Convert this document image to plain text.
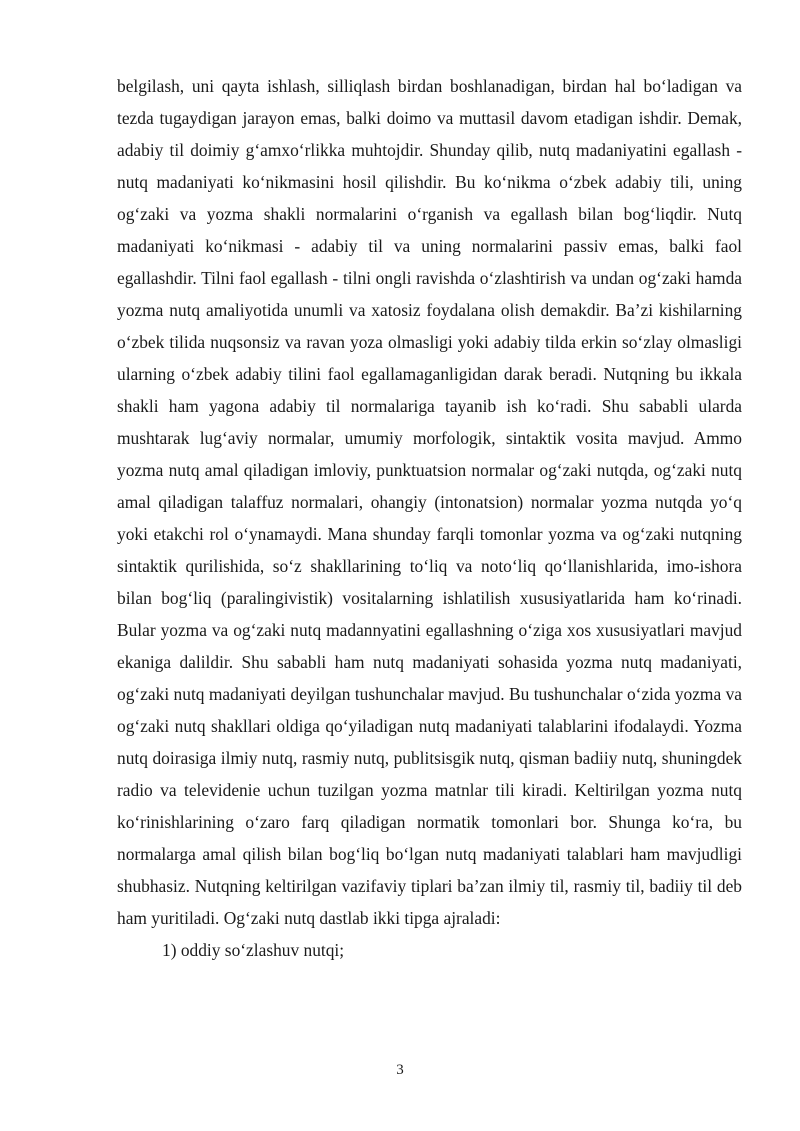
belgilash, uni qayta ishlash, silliqlash birdan boshlanadigan, birdan hal bo‘ladigan va tezda tugaydigan jarayon emas, balki doimo va muttasil davom etadigan ishdir. Demak, adabiy til doimiy g‘amxo‘rlikka muhtojdir. Shunday qilib, nutq madaniyatini egallash - nutq madaniyati ko‘nikmasini hosil qilishdir. Bu ko‘nikma o‘zbek adabiy tili, uning og‘zaki va yozma shakli normalarini o‘rganish va egallash bilan bog‘liqdir. Nutq madaniyati ko‘nikmasi - adabiy til va uning normalarini passiv emas, balki faol egallashdir. Tilni faol egallash - tilni ongli ravishda o‘zlashtirish va undan og‘zaki hamda yozma nutq amaliyotida unumli va xatosiz foydalana olish demakdir. Ba’zi kishilarning o‘zbek tilida nuqsonsiz va ravan yoza olmasligi yoki adabiy tilda erkin so‘zlay olmasligi ularning o‘zbek adabiy tilini faol egallamaganligidan darak beradi. Nutqning bu ikkala shakli ham yagona adabiy til normalariga tayanib ish ko‘radi. Shu sababli ularda mushtarak lug‘aviy normalar, umumiy morfologik, sintaktik vosita mavjud. Ammo yozma nutq amal qiladigan imloviy, punktuatsion normalar og‘zaki nutqda, og‘zaki nutq amal qiladigan talaffuz normalari, ohangiy (intonatsion) normalar yozma nutqda yo‘q yoki etakchi rol o‘ynamaydi. Mana shunday farqli tomonlar yozma va og‘zaki nutqning sintaktik qurilishida, so‘z shakllarining to‘liq va noto‘liq qo‘llanishlarida, imo-ishora bilan bog‘liq (paralingivistik) vositalarning ishlatilish xususiyatlarida ham ko‘rinadi. Bular yozma va og‘zaki nutq madannyatini egallashning o‘ziga xos xususiyatlari mavjud ekaniga dalildir. Shu sababli ham nutq madaniyati sohasida yozma nutq madaniyati, og‘zaki nutq madaniyati deyilgan tushunchalar mavjud. Bu tushunchalar o‘zida yozma va og‘zaki nutq shakllari oldiga qo‘yiladigan nutq madaniyati talablarini ifodalaydi. Yozma nutq doirasiga ilmiy nutq, rasmiy nutq, publitsisgik nutq, qisman badiiy nutq, shuningdek radio va televidenie uchun tuzilgan yozma matnlar tili kiradi. Keltirilgan yozma nutq ko‘rinishlarining o‘zaro farq qiladigan normatik tomonlari bor. Shunga ko‘ra, bu normalarga amal qilish bilan bog‘liq bo‘lgan nutq madaniyati talablari ham mavjudligi shubhasiz. Nutqning keltirilgan vazifaviy tiplari ba’zan ilmiy til, rasmiy til, badiiy til deb ham yuritiladi. Og‘zaki nutq dastlab ikki tipga ajraladi:

1) oddiy so‘zlashuv nutqi;

3
